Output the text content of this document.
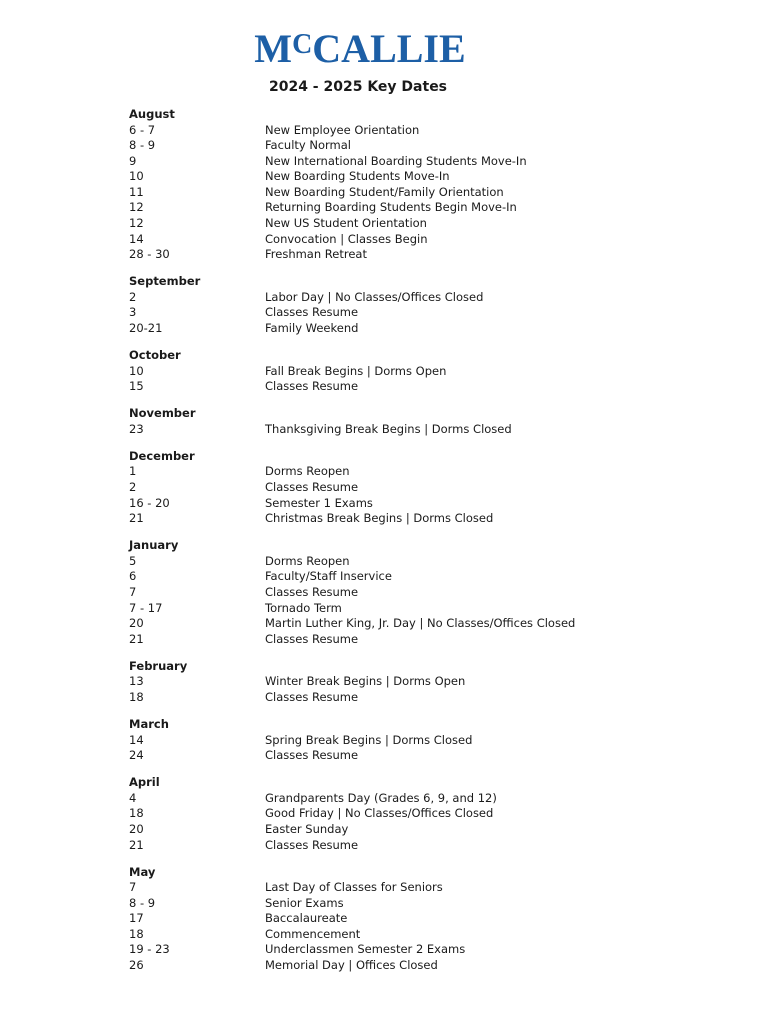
$M^CCALLIE$
2024 - 2025 Key Dates
August
6 - 7	New Employee Orientation
8 - 9	Faculty Normal
9	New International Boarding Students Move-In
10	New Boarding Students Move-In
11	New Boarding Student/Family Orientation
12	Returning Boarding Students Begin Move-In
12	New US Student Orientation
14	Convocation | Classes Begin
28 - 30	Freshman Retreat
September
2	Labor Day | No Classes/Offices Closed
3	Classes Resume
20-21	Family Weekend
October
10	Fall Break Begins | Dorms Open
15	Classes Resume
November
23	Thanksgiving Break Begins | Dorms Closed
December
1	Dorms Reopen
2	Classes Resume
16 - 20	Semester 1 Exams
21	Christmas Break Begins | Dorms Closed
January
5	Dorms Reopen
6	Faculty/Staff Inservice
7	Classes Resume
7 - 17	Tornado Term
20	Martin Luther King, Jr. Day | No Classes/Offices Closed
21	Classes Resume
February
13	Winter Break Begins | Dorms Open
18	Classes Resume
March
14	Spring Break Begins | Dorms Closed
24	Classes Resume
April
4	Grandparents Day (Grades 6, 9, and 12)
18	Good Friday | No Classes/Offices Closed
20	Easter Sunday
21	Classes Resume
May
7	Last Day of Classes for Seniors
8 - 9	Senior Exams
17	Baccalaureate
18	Commencement
19 - 23	Underclassmen Semester 2 Exams
26	Memorial Day | Offices Closed
